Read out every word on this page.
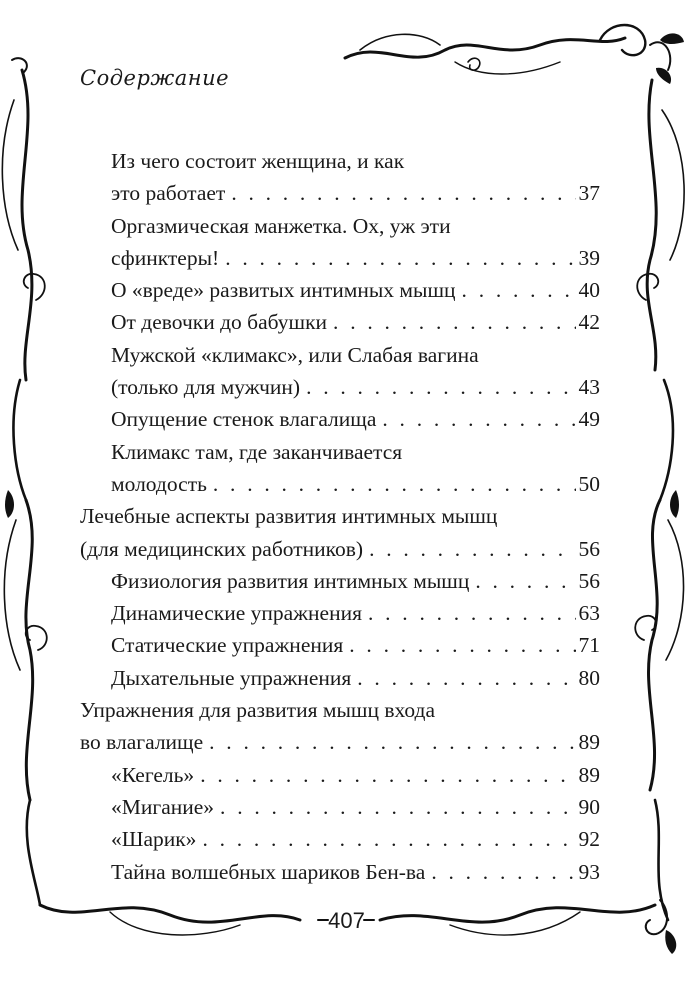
Содержание
Из чего состоит женщина, и как
это работает . . .	37
Оргазмическая манжетка. Ох, уж эти
сфинктеры! . . .	39
О «вреде» развитых интимных мышц . . .	40
От девочки до бабушки . . .	42
Мужской «климакс», или Слабая вагина
(только для мужчин) . . .	43
Опущение стенок влагалища . . .	49
Климакс там, где заканчивается
молодость . . .	50
Лечебные аспекты развития интимных мышц
(для медицинских работников) . . .	56
Физиология развития интимных мышц . . .	56
Динамические упражнения . . .	63
Статические упражнения . . .	71
Дыхательные упражнения . . .	80
Упражнения для развития мышц входа
во влагалище . . .	89
«Кегель» . . .	89
«Мигание» . . .	90
«Шарик» . . .	92
Тайна волшебных шариков Бен-ва . . .	93
407
